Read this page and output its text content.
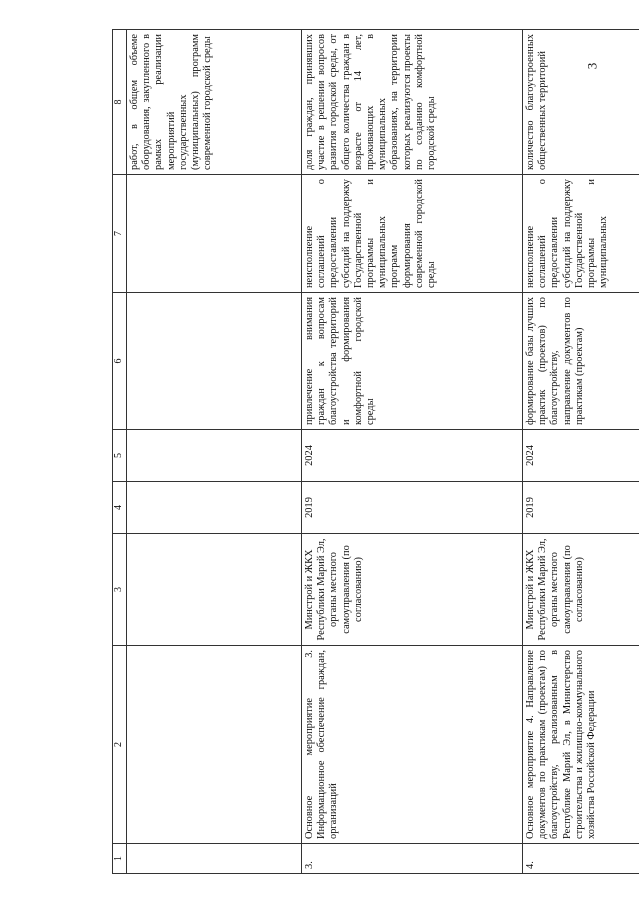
3
1	2	3	4	5	6	7	8
							работ, в общем объеме оборудования, закупленного в рамках реализации мероприятий государственных (муниципальных) программ современной городской среды
3.	Основное мероприятие 3. Информационное обеспечение граждан, организаций	Минстрой и ЖКХ Республики Марий Эл, органы местного самоуправления (по согласованию)	2019	2024	привлечение внимания граждан к вопросам благоустройства территорий и формирования комфортной городской среды	неисполнение соглашений о предоставлении субсидий на поддержку Государственной программы и муниципальных программ формирования современной городской среды	доля граждан, принявших участие в решении вопросов развития городской среды, от общего количества граждан в возрасте от 14 лет, проживающих в муниципальных образованиях, на территории которых реализуются проекты по созданию комфортной городской среды
4.	Основное мероприятие 4. Направление документов по практикам (проектам) по благоустройству, реализованным в Республике Марий Эл, в Министерство строительства и жилищно-коммунального хозяйства Российской Федерации	Минстрой и ЖКХ Республики Марий Эл, органы местного самоуправления (по согласованию)	2019	2024	формирование базы лучших практик (проектов) по благоустройству, направление документов по практикам (проектам)	неисполнение соглашений о предоставлении субсидий на поддержку Государственной программы и муниципальных	количество благоустроенных общественных территорий
